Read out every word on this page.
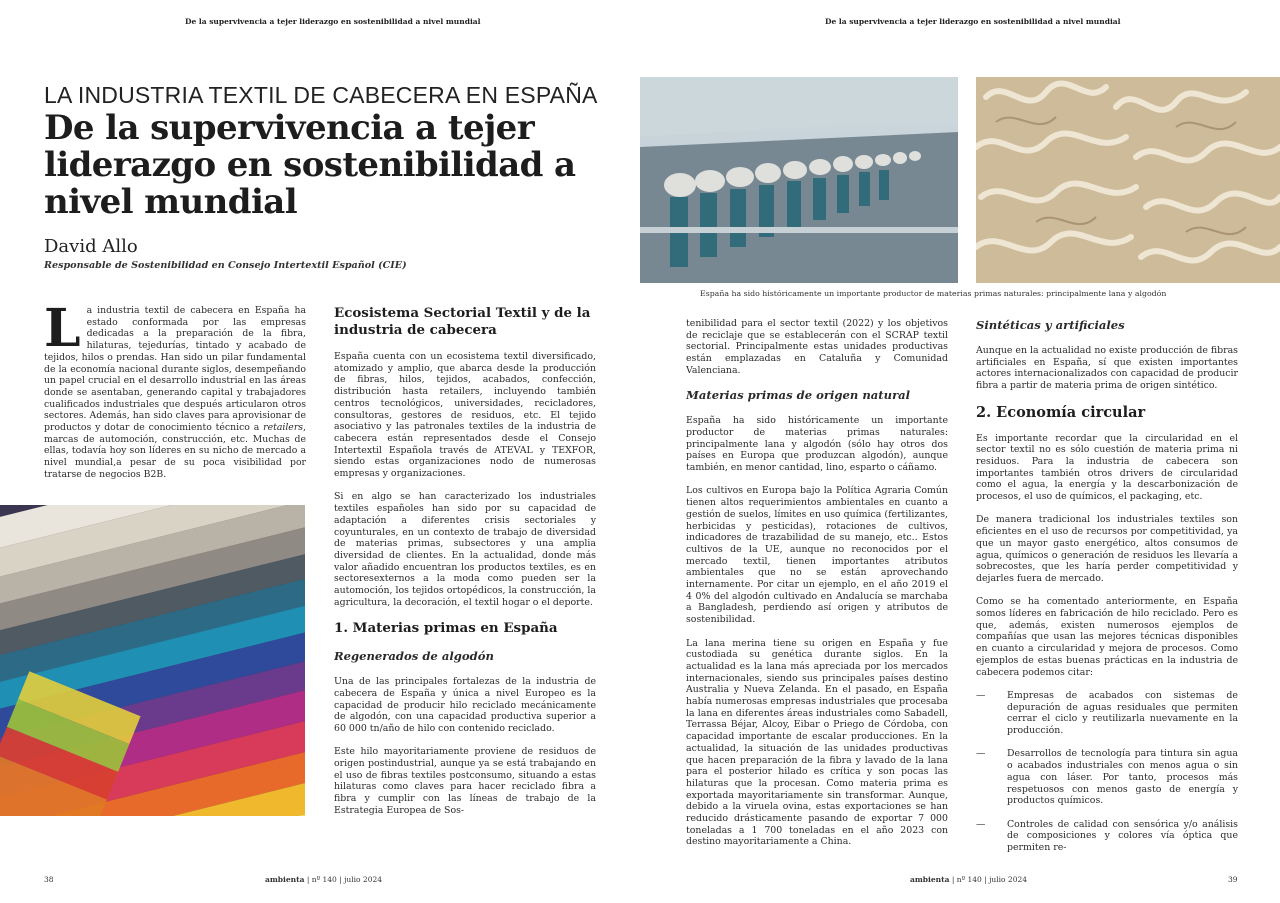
De la supervivencia a tejer liderazgo en sostenibilidad a nivel mundial
LA INDUSTRIA TEXTIL DE CABECERA EN ESPAÑA
De la supervivencia a tejer liderazgo en sostenibilidad a nivel mundial
David Allo
Responsable de Sostenibilidad en Consejo Intertextil Español (CIE)
La industria textil de cabecera en España ha estado conformada por las empresas dedicadas a la preparación de la fibra, hilaturas, tejedurías, tintado y acabado de tejidos, hilos o prendas. Han sido un pilar fundamental de la economía nacional durante siglos, desempeñando un papel crucial en el desarrollo industrial en las áreas donde se asentaban, generando capital y trabajadores cualificados industriales que después articularon otros sectores. Además, han sido claves para aprovisionar de productos y dotar de conocimiento técnico a retailers, marcas de automoción, construcción, etc. Muchas de ellas, todavía hoy son líderes en su nicho de mercado a nivel mundial,a pesar de su poca visibilidad por tratarse de negocios B2B.
Ecosistema Sectorial Textil y de la industria de cabecera

España cuenta con un ecosistema textil diversificado, atomizado y amplio, que abarca desde la producción de fibras, hilos, tejidos, acabados, confección, distribución hasta retailers, incluyendo también centros tecnológicos, universidades, recicladores, consultoras, gestores de residuos, etc. El tejido asociativo y las patronales textiles de la industria de cabecera están representados desde el Consejo Intertextil Española través de ATEVAL y TEXFOR, siendo estas organizaciones nodo de numerosas empresas y organizaciones.

Si en algo se han caracterizado los industriales textiles españoles han sido por su capacidad de adaptación a diferentes crisis sectoriales y coyunturales, en un contexto de trabajo de diversidad de materias primas, subsectores y una amplia diversidad de clientes. En la actualidad, donde más valor añadido encuentran los productos textiles, es en sectoresexternos a la moda como pueden ser la automoción, los tejidos ortopédicos, la construcción, la agricultura, la decoración, el textil hogar o el deporte.

1. Materias primas en España
Regenerados de algodón

Una de las principales fortalezas de la industria de cabecera de España y única a nivel Europeo es la capacidad de producir hilo reciclado mecánicamente de algodón, con una capacidad productiva superior a 60 000 tn/año de hilo con contenido reciclado.

Este hilo mayoritariamente proviene de residuos de origen postindustrial, aunque ya se está trabajando en el uso de fibras textiles postconsumo, situando a estas hilaturas como claves para hacer reciclado fibra a fibra y cumplir con las líneas de trabajo de la Estrategia Europea de Sos-

38	ambienta | nº 140 | julio 2024
De la supervivencia a tejer liderazgo en sostenibilidad a nivel mundial
España ha sido históricamente un importante productor de materias primas naturales: principalmente lana y algodón

tenibilidad para el sector textil (2022) y los objetivos de reciclaje que se establecerán con el SCRAP textil sectorial. Principalmente estas unidades productivas están emplazadas en Cataluña y Comunidad Valenciana.

Materias primas de origen natural

España ha sido históricamente un importante productor de materias primas naturales: principalmente lana y algodón (sólo hay otros dos países en Europa que produzcan algodón), aunque también, en menor cantidad, lino, esparto o cáñamo.

Los cultivos en Europa bajo la Política Agraria Común tienen altos requerimientos ambientales en cuanto a gestión de suelos, límites en uso química (fertilizantes, herbicidas y pesticidas), rotaciones de cultivos, indicadores de trazabilidad de su manejo, etc.. Estos cultivos de la UE, aunque no reconocidos por el mercado textil, tienen importantes atributos ambientales que no se están aprovechando internamente. Por citar un ejemplo, en el año 2019 el 4 0% del algodón cultivado en Andalucía se marchaba a Bangladesh, perdiendo así origen y atributos de sostenibilidad.

La lana merina tiene su origen en España y fue custodiada su genética durante siglos. En la actualidad es la lana más apreciada por los mercados internacionales, siendo sus principales países destino Australia y Nueva Zelanda. En el pasado, en España había numerosas empresas industriales que procesaba la lana en diferentes áreas industriales como Sabadell, Terrassa Béjar, Alcoy, Eibar o Priego de Córdoba, con capacidad importante de escalar producciones. En la actualidad, la situación de las unidades productivas que hacen preparación de la fibra y lavado de la lana para el posterior hilado es crítica y son pocas las hilaturas que la procesan. Como materia prima es exportada mayoritariamente sin transformar. Aunque, debido a la viruela ovina, estas exportaciones se han reducido drásticamente pasando de exportar 7 000 toneladas a 1 700 toneladas en el año 2023 con destino mayoritariamente a China.

Sintéticas y artificiales

Aunque en la actualidad no existe producción de fibras artificiales en España, sí que existen importantes actores internacionalizados con capacidad de producir fibra a partir de materia prima de origen sintético.

2. Economía circular

Es importante recordar que la circularidad en el sector textil no es sólo cuestión de materia prima ni residuos. Para la industria de cabecera son importantes también otros drivers de circularidad como el agua, la energía y la descarbonización de procesos, el uso de químicos, el packaging, etc.

De manera tradicional los industriales textiles son eficientes en el uso de recursos por competitividad, ya que un mayor gasto energético, altos consumos de agua, químicos o generación de residuos les llevaría a sobrecostes, que les haría perder competitividad y dejarles fuera de mercado.

Como se ha comentado anteriormente, en España somos líderes en fabricación de hilo reciclado. Pero es que, además, existen numerosos ejemplos de compañías que usan las mejores técnicas disponibles en cuanto a circularidad y mejora de procesos. Como ejemplos de estas buenas prácticas en la industria de cabecera podemos citar:

— Empresas de acabados con sistemas de depuración de aguas residuales que permiten cerrar el ciclo y reutilizarla nuevamente en la producción.
— Desarrollos de tecnología para tintura sin agua o acabados industriales con menos agua o sin agua con láser. Por tanto, procesos más respetuosos con menos gasto de energía y productos químicos.
— Controles de calidad con sensórica y/o análisis de composiciones y colores vía óptica que permiten re-
ambienta | nº 140 | julio 2024	39
